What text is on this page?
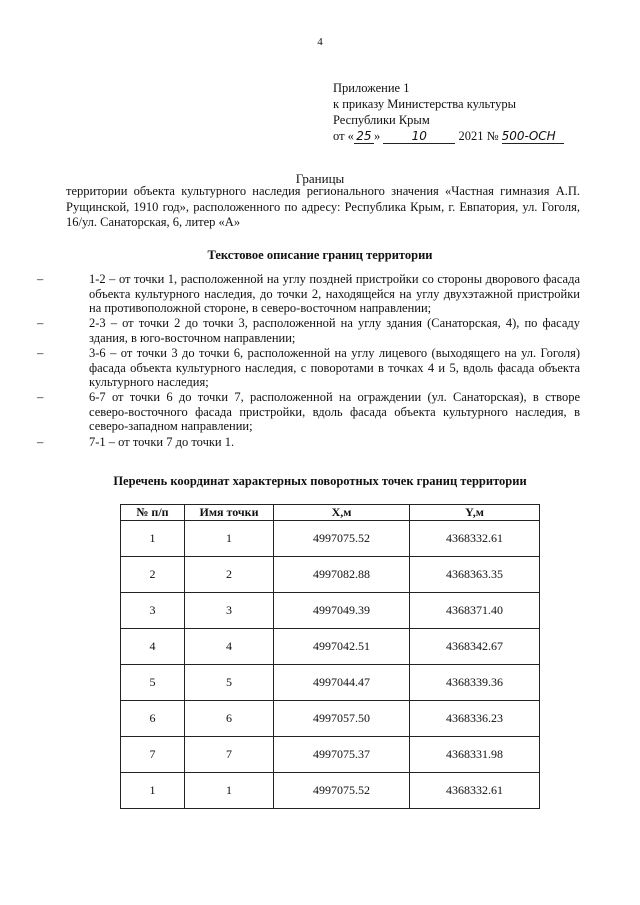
4
Приложение 1
к приказу Министерства культуры
Республики Крым
от « 25 »	10	2021 № 500-ОСН
Границы
территории объекта культурного наследия регионального значения «Частная гимназия А.П. Рущинской, 1910 год», расположенного по адресу: Республика Крым, г. Евпатория, ул. Гоголя, 16/ул. Санаторская, 6, литер «А»
Текстовое описание границ территории
–	1-2 – от точки 1, расположенной на углу поздней пристройки со стороны дворового фасада объекта культурного наследия, до точки 2, находящейся на углу двухэтажной пристройки на противоположной стороне, в северо-восточном направлении;
–	2-3 – от точки 2 до точки 3, расположенной на углу здания (Санаторская, 4), по фасаду здания, в юго-восточном направлении;
–	3-6 – от точки 3 до точки 6, расположенной на углу лицевого (выходящего на ул. Гоголя) фасада объекта культурного наследия, с поворотами в точках 4 и 5, вдоль фасада объекта культурного наследия;
–	6-7 от точки 6 до точки 7, расположенной на ограждении (ул. Санаторская), в створе северо-восточного фасада пристройки, вдоль фасада объекта культурного наследия, в северо-западном направлении;
–	7-1 – от точки 7 до точки 1.
Перечень координат характерных поворотных точек границ территории
№ п/п	Имя точки	X,м	Y,м
1	1	4997075.52	4368332.61
2	2	4997082.88	4368363.35
3	3	4997049.39	4368371.40
4	4	4997042.51	4368342.67
5	5	4997044.47	4368339.36
6	6	4997057.50	4368336.23
7	7	4997075.37	4368331.98
1	1	4997075.52	4368332.61
